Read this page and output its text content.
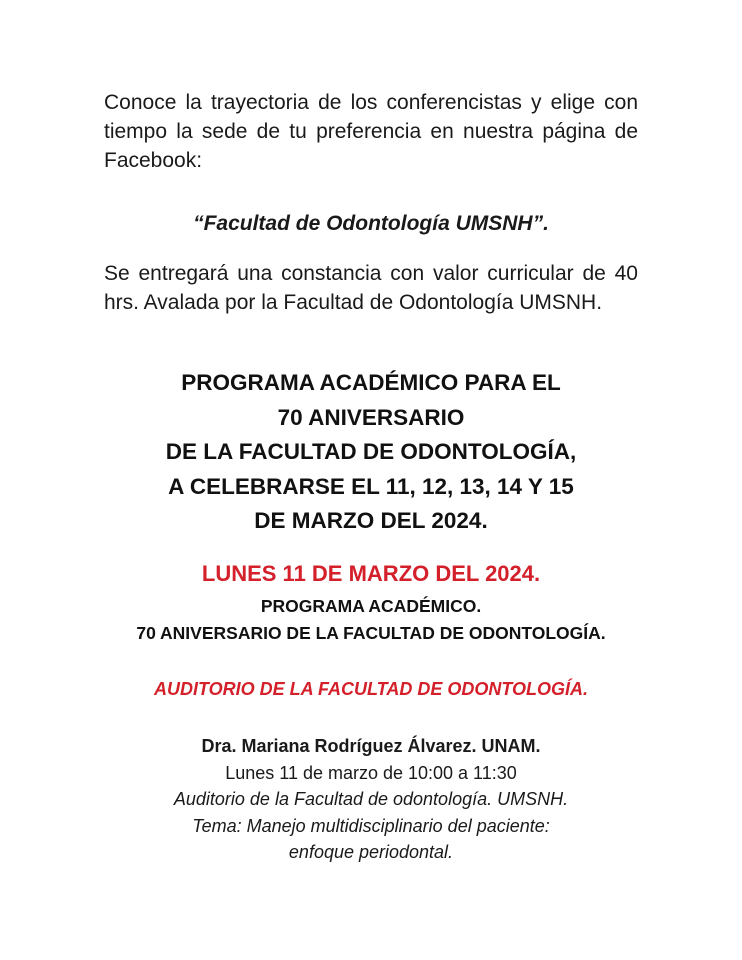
Conoce la trayectoria de los conferencistas y elige con tiempo la sede de tu preferencia en nuestra página de Facebook:

“Facultad de Odontología UMSNH”.

Se entregará una constancia con valor curricular de 40 hrs. Avalada por la Facultad de Odontología UMSNH.

PROGRAMA ACADÉMICO PARA EL
70 ANIVERSARIO
DE LA FACULTAD DE ODONTOLOGÍA,
A CELEBRARSE EL 11, 12, 13, 14 Y 15
DE MARZO DEL 2024.

LUNES 11 DE MARZO DEL 2024.

PROGRAMA ACADÉMICO.

70 ANIVERSARIO DE LA FACULTAD DE ODONTOLOGÍA.

AUDITORIO DE LA FACULTAD DE ODONTOLOGÍA.

Dra. Mariana Rodríguez Álvarez. UNAM.

Lunes 11 de marzo de 10:00 a 11:30

Auditorio de la Facultad de odontología. UMSNH.

Tema: Manejo multidisciplinario del paciente:

enfoque periodontal.
